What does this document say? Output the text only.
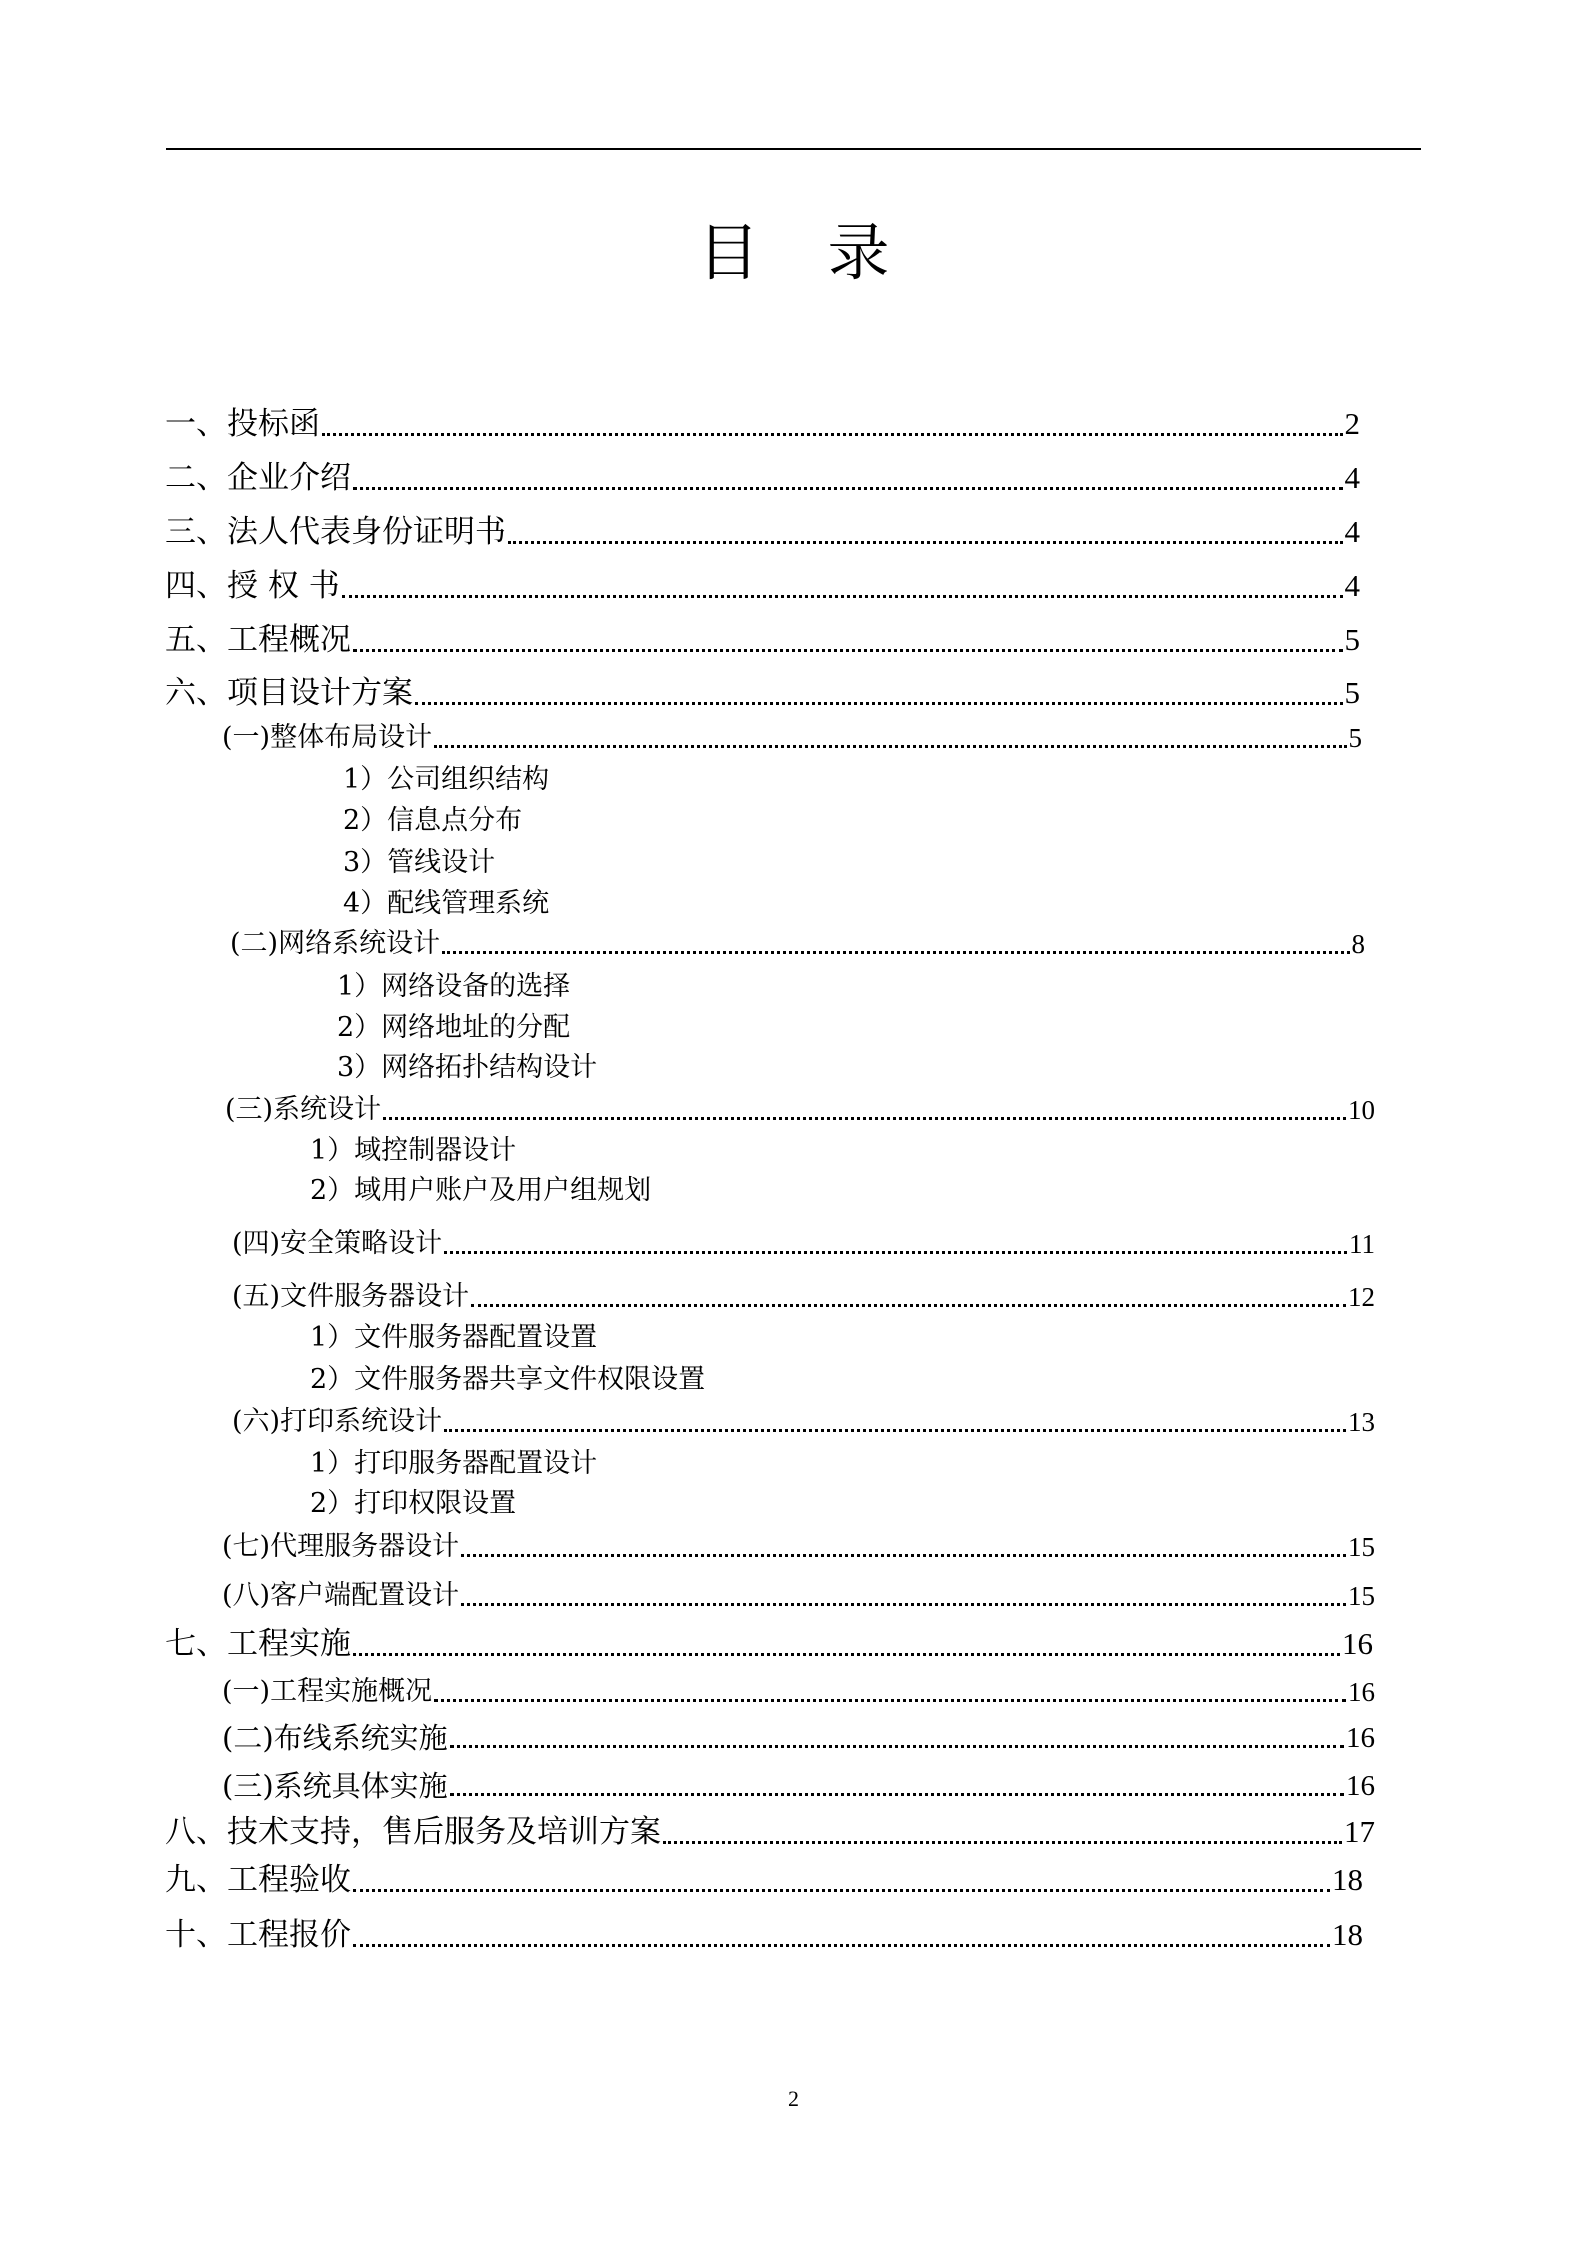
目录
一、投标函	2
二、企业介绍	4
三、法人代表身份证明书	4
四、授 权 书	4
五、工程概况	5
六、项目设计方案	5
(一)整体布局设计	5
1）公司组织结构
2）信息点分布
3）管线设计
4）配线管理系统
(二)网络系统设计	8
1）网络设备的选择
2）网络地址的分配
3）网络拓扑结构设计
(三)系统设计	10
1）域控制器设计
2）域用户账户及用户组规划
(四)安全策略设计	11
(五)文件服务器设计	12
1）文件服务器配置设置
2）文件服务器共享文件权限设置
(六)打印系统设计	13
1）打印服务器配置设计
2）打印权限设置
(七)代理服务器设计	15
(八)客户端配置设计	15
七、工程实施	16
(一)工程实施概况	16
(二)布线系统实施	16
(三)系统具体实施	16
八、技术支持，售后服务及培训方案	17
九、工程验收	18
十、工程报价	18
2
